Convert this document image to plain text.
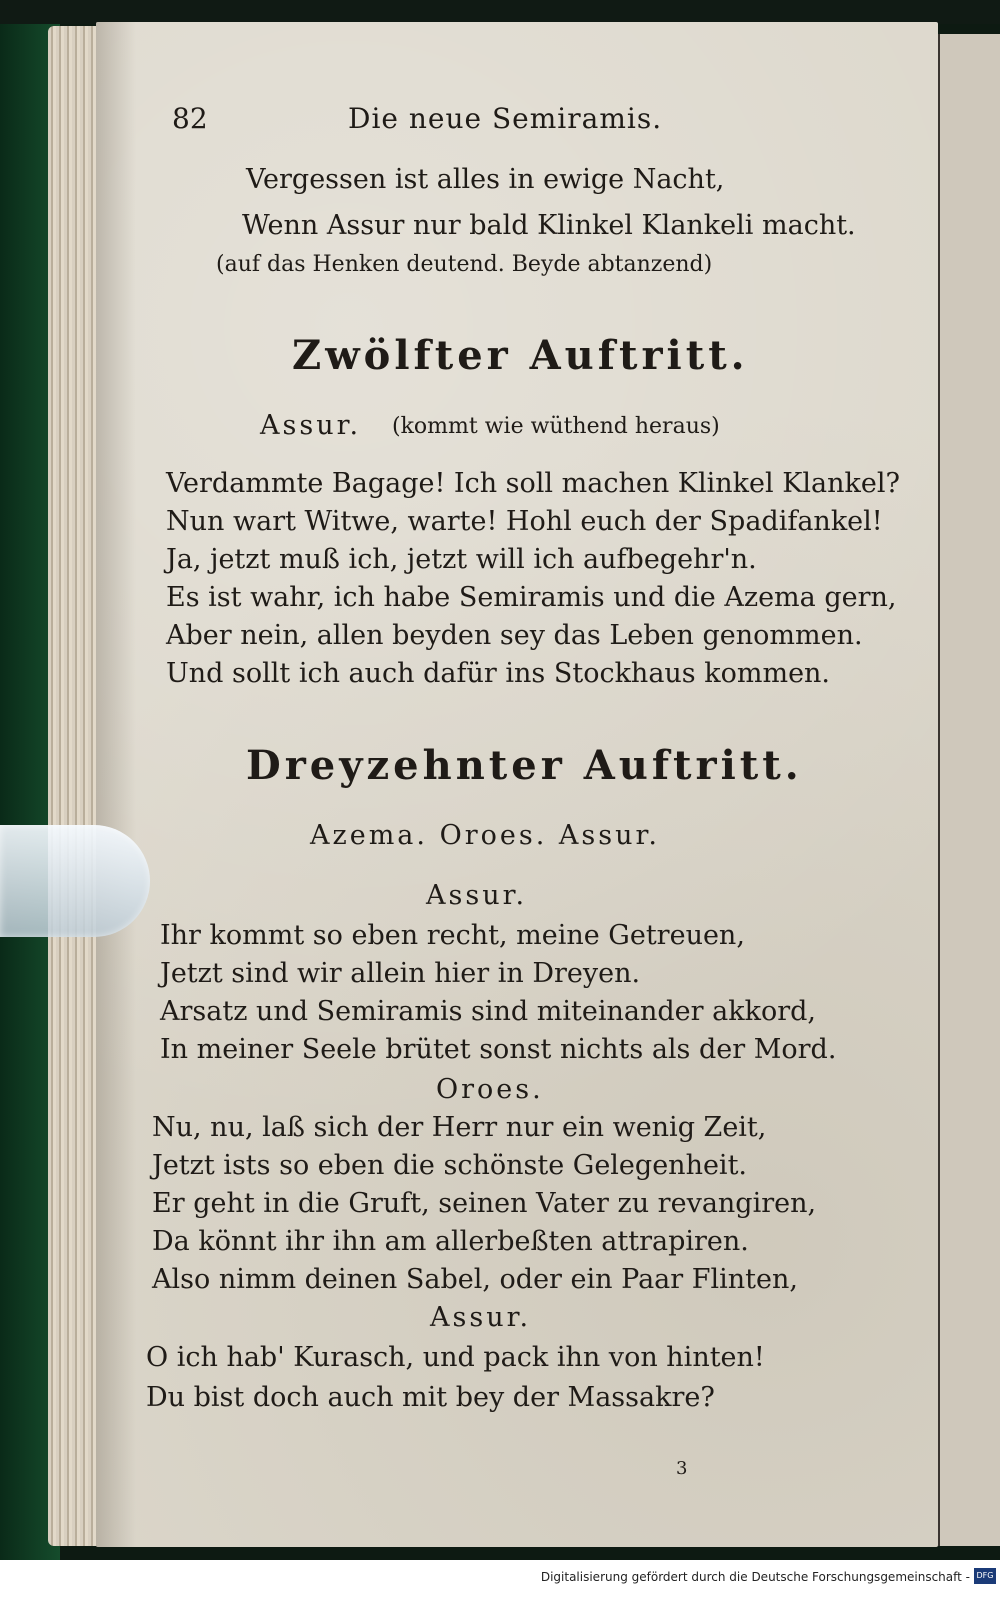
82	Die neue Semiramis.
Vergessen ist alles in ewige Nacht,
Wenn Assur nur bald Klinkel Klankeli macht.
(auf das Henken deutend. Beyde abtanzend)
Zwölfter Auftritt.
Assur. (kommt wie wüthend heraus)
Verdammte Bagage! Ich soll machen Klinkel Klankel?
Nun wart Witwe, warte! Hohl euch der Spadifankel!
Ja, jetzt muß ich, jetzt will ich aufbegehr'n.
Es ist wahr, ich habe Semiramis und die Azema gern,
Aber nein, allen beyden sey das Leben genommen.
Und sollt ich auch dafür ins Stockhaus kommen.
Dreyzehnter Auftritt.
Azema. Oroes. Assur.
Assur.
Ihr kommt so eben recht, meine Getreuen,
Jetzt sind wir allein hier in Dreyen.
Arsatz und Semiramis sind miteinander akkord,
In meiner Seele brütet sonst nichts als der Mord.
Oroes.
Nu, nu, laß sich der Herr nur ein wenig Zeit,
Jetzt ists so eben die schönste Gelegenheit.
Er geht in die Gruft, seinen Vater zu revangiren,
Da könnt ihr ihn am allerbeßten attrapiren.
Also nimm deinen Sabel, oder ein Paar Flinten,
Assur.
O ich hab' Kurasch, und pack ihn von hinten!
Du bist doch auch mit bey der Massakre?
3
Digitalisierung gefördert durch die Deutsche Forschungsgemeinschaft - DFG
